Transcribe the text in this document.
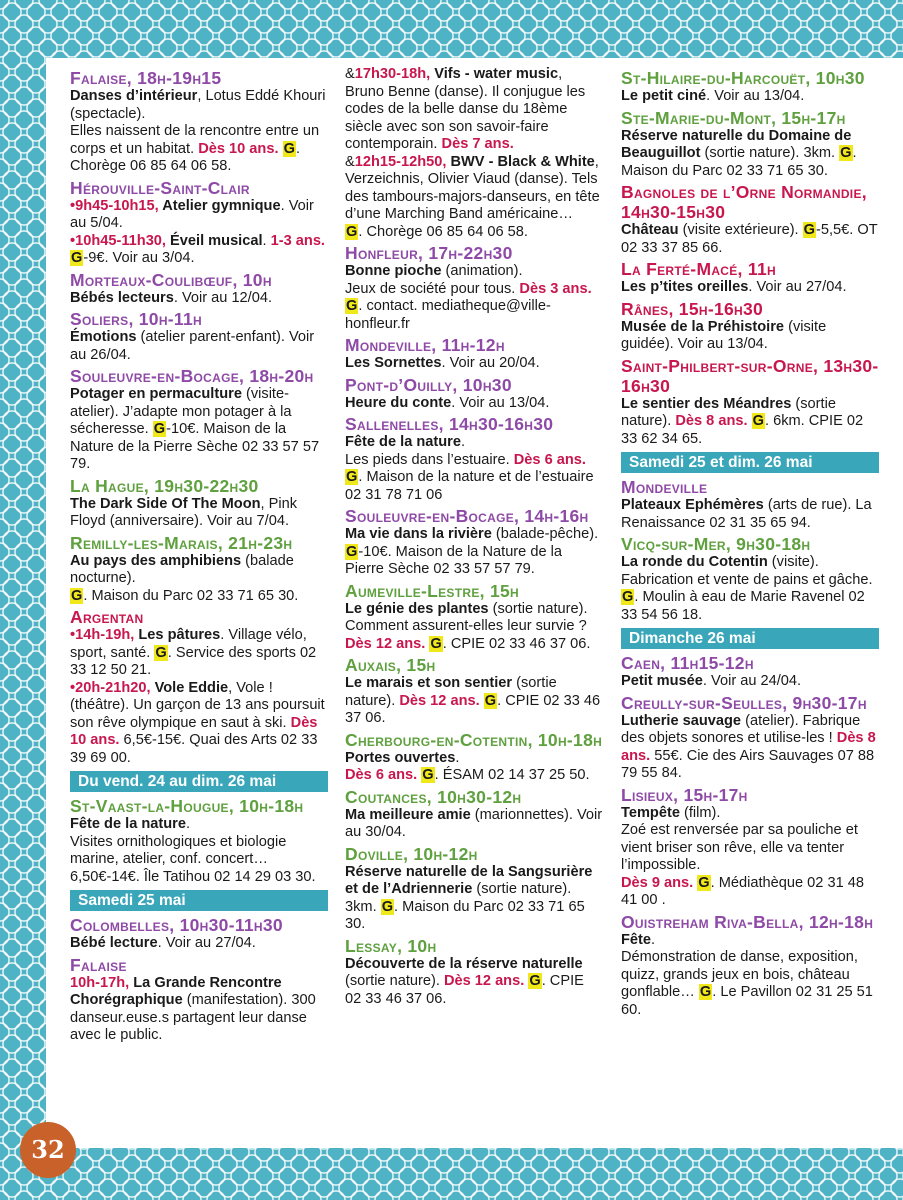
Falaise, 18h-19h15

Danses d’intérieur, Lotus Eddé Khouri (spectacle).

Elles naissent de la rencontre entre un corps et un habitat. Dès 10 ans. G. Chorège 06 85 64 06 58.

Hérouville-Saint-Clair

•9h45-10h15, Atelier gymnique. Voir au 5/04.

•10h45-11h30, Éveil musical. 1-3 ans. G-9€. Voir au 3/04.

Morteaux-Coulibœuf, 10h

Bébés lecteurs. Voir au 12/04.

Soliers, 10h-11h

Émotions (atelier parent-enfant). Voir au 26/04.

Souleuvre-en-Bocage, 18h-20h

Potager en permaculture (visite-atelier). J’adapte mon potager à la sécheresse. G-10€. Maison de la Nature de la Pierre Sèche 02 33 57 57 79.

La Hague, 19h30-22h30

The Dark Side Of The Moon, Pink Floyd (anniversaire). Voir au 7/04.

Remilly-les-Marais, 21h-23h

Au pays des amphibiens (balade nocturne).

G. Maison du Parc 02 33 71 65 30.

Argentan

•14h-19h, Les pâtures. Village vélo, sport, santé. G. Service des sports 02 33 12 50 21.

•20h-21h20, Vole Eddie, Vole ! (théâtre). Un garçon de 13 ans poursuit son rêve olympique en saut à ski. Dès 10 ans. 6,5€-15€. Quai des Arts 02 33 39 69 00.

Du vend. 24 au dim. 26 mai
St-Vaast-la-Hougue, 10h-18h

Fête de la nature.

Visites ornithologiques et biologie marine, atelier, conf. concert… 6,50€-14€. Île Tatihou 02 14 29 03 30.

Samedi 25 mai
Colombelles, 10h30-11h30

Bébé lecture. Voir au 27/04.

Falaise

10h-17h, La Grande Rencontre Chorégraphique (manifestation). 300 danseur.euse.s partagent leur danse avec le public.

&17h30-18h, Vifs - water music, Bruno Benne (danse). Il conjugue les codes de la belle danse du 18ème siècle avec son son savoir-faire contemporain. Dès 7 ans.

&12h15-12h50, BWV - Black & White, Verzeichnis, Olivier Viaud (danse). Tels des tambours-majors-danseurs, en tête d’une Marching Band américaine…

G. Chorège 06 85 64 06 58.

Honfleur, 17h-22h30

Bonne pioche (animation).

Jeux de société pour tous. Dès 3 ans. G. contact. mediatheque@ville-honfleur.fr

Mondeville, 11h-12h

Les Sornettes. Voir au 20/04.

Pont-d’Ouilly, 10h30

Heure du conte. Voir au 13/04.

Sallenelles, 14h30-16h30

Fête de la nature.

Les pieds dans l’estuaire. Dès 6 ans. G. Maison de la nature et de l’estuaire 02 31 78 71 06

Souleuvre-en-Bocage, 14h-16h

Ma vie dans la rivière (balade-pêche). G-10€. Maison de la Nature de la Pierre Sèche 02 33 57 57 79.

Aumeville-Lestre, 15h

Le génie des plantes (sortie nature). Comment assurent-elles leur survie ? Dès 12 ans. G. CPIE 02 33 46 37 06.

Auxais, 15h

Le marais et son sentier (sortie nature). Dès 12 ans. G. CPIE 02 33 46 37 06.

Cherbourg-en-Cotentin, 10h-18h

Portes ouvertes.

Dès 6 ans. G. ÉSAM 02 14 37 25 50.

Coutances, 10h30-12h

Ma meilleure amie (marionnettes). Voir au 30/04.

Doville, 10h-12h

Réserve naturelle de la Sangsurière et de l’Adriennerie (sortie nature). 3km. G. Maison du Parc 02 33 71 65 30.

Lessay, 10h

Découverte de la réserve naturelle (sortie nature). Dès 12 ans. G. CPIE 02 33 46 37 06.

St-Hilaire-du-Harcouët, 10h30

Le petit ciné. Voir au 13/04.

Ste-Marie-du-Mont, 15h-17h

Réserve naturelle du Domaine de Beauguillot (sortie nature). 3km. G. Maison du Parc 02 33 71 65 30.

Bagnoles de l’Orne Normandie, 14h30-15h30

Château (visite extérieure). G-5,5€. OT 02 33 37 85 66.

La Ferté-Macé, 11h

Les p’tites oreilles. Voir au 27/04.

Rânes, 15h-16h30

Musée de la Préhistoire (visite guidée). Voir au 13/04.

Saint-Philbert-sur-Orne, 13h30-16h30

Le sentier des Méandres (sortie nature). Dès 8 ans. G. 6km. CPIE 02 33 62 34 65.

Samedi 25 et dim. 26 mai
Mondeville

Plateaux Ephémères (arts de rue). La Renaissance 02 31 35 65 94.

Vicq-sur-Mer, 9h30-18h

La ronde du Cotentin (visite). Fabrication et vente de pains et gâche. G. Moulin à eau de Marie Ravenel 02 33 54 56 18.

Dimanche 26 mai
Caen, 11h15-12h

Petit musée. Voir au 24/04.

Creully-sur-Seulles, 9h30-17h

Lutherie sauvage (atelier). Fabrique des objets sonores et utilise-les ! Dès 8 ans. 55€. Cie des Airs Sauvages 07 88 79 55 84.

Lisieux, 15h-17h

Tempête (film).

Zoé est renversée par sa pouliche et vient briser son rêve, elle va tenter l’impossible.

Dès 9 ans. G. Médiathèque 02 31 48 41 00 .

Ouistreham Riva-Bella, 12h-18h

Fête.

Démonstration de danse, exposition, quizz, grands jeux en bois, château gonflable… G. Le Pavillon 02 31 25 51 60.

32
